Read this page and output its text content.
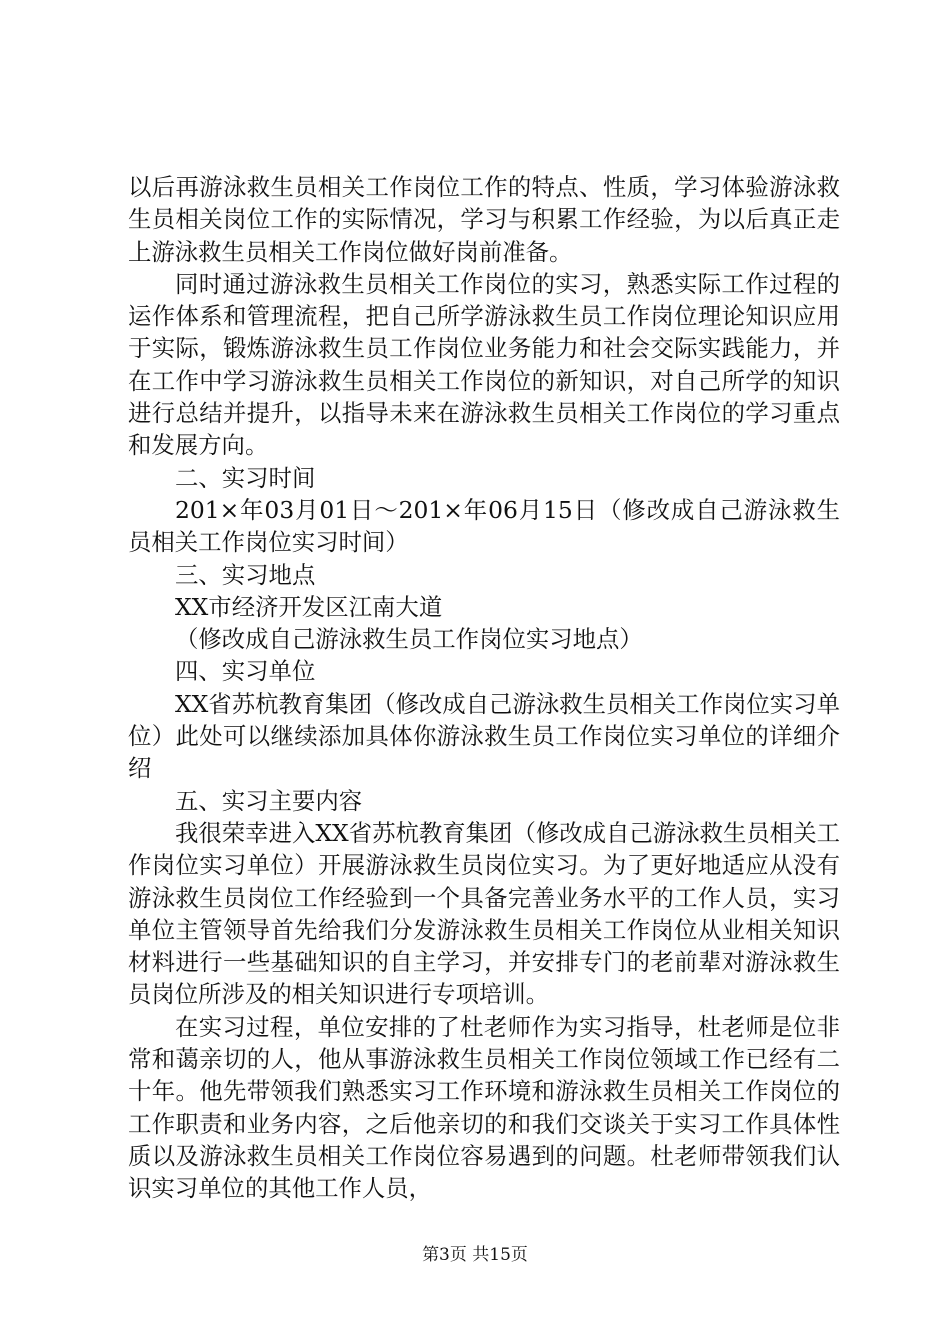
以后再游泳救生员相关工作岗位工作的特点、性质，学习体验游泳救生员相关岗位工作的实际情况，学习与积累工作经验，为以后真正走上游泳救生员相关工作岗位做好岗前准备。

同时通过游泳救生员相关工作岗位的实习，熟悉实际工作过程的运作体系和管理流程，把自己所学游泳救生员工作岗位理论知识应用于实际，锻炼游泳救生员工作岗位业务能力和社会交际实践能力，并在工作中学习游泳救生员相关工作岗位的新知识，对自己所学的知识进行总结并提升，以指导未来在游泳救生员相关工作岗位的学习重点和发展方向。

二、实习时间

201×年03月01日～201×年06月15日（修改成自己游泳救生员相关工作岗位实习时间）

三、实习地点

XX市经济开发区江南大道

（修改成自己游泳救生员工作岗位实习地点）

四、实习单位

XX省苏杭教育集团（修改成自己游泳救生员相关工作岗位实习单位）此处可以继续添加具体你游泳救生员工作岗位实习单位的详细介绍

五、实习主要内容

我很荣幸进入XX省苏杭教育集团（修改成自己游泳救生员相关工作岗位实习单位）开展游泳救生员岗位实习。为了更好地适应从没有游泳救生员岗位工作经验到一个具备完善业务水平的工作人员，实习单位主管领导首先给我们分发游泳救生员相关工作岗位从业相关知识材料进行一些基础知识的自主学习，并安排专门的老前辈对游泳救生员岗位所涉及的相关知识进行专项培训。

在实习过程，单位安排的了杜老师作为实习指导，杜老师是位非常和蔼亲切的人，他从事游泳救生员相关工作岗位领域工作已经有二十年。他先带领我们熟悉实习工作环境和游泳救生员相关工作岗位的工作职责和业务内容，之后他亲切的和我们交谈关于实习工作具体性质以及游泳救生员相关工作岗位容易遇到的问题。杜老师带领我们认识实习单位的其他工作人员，

第3页 共15页
